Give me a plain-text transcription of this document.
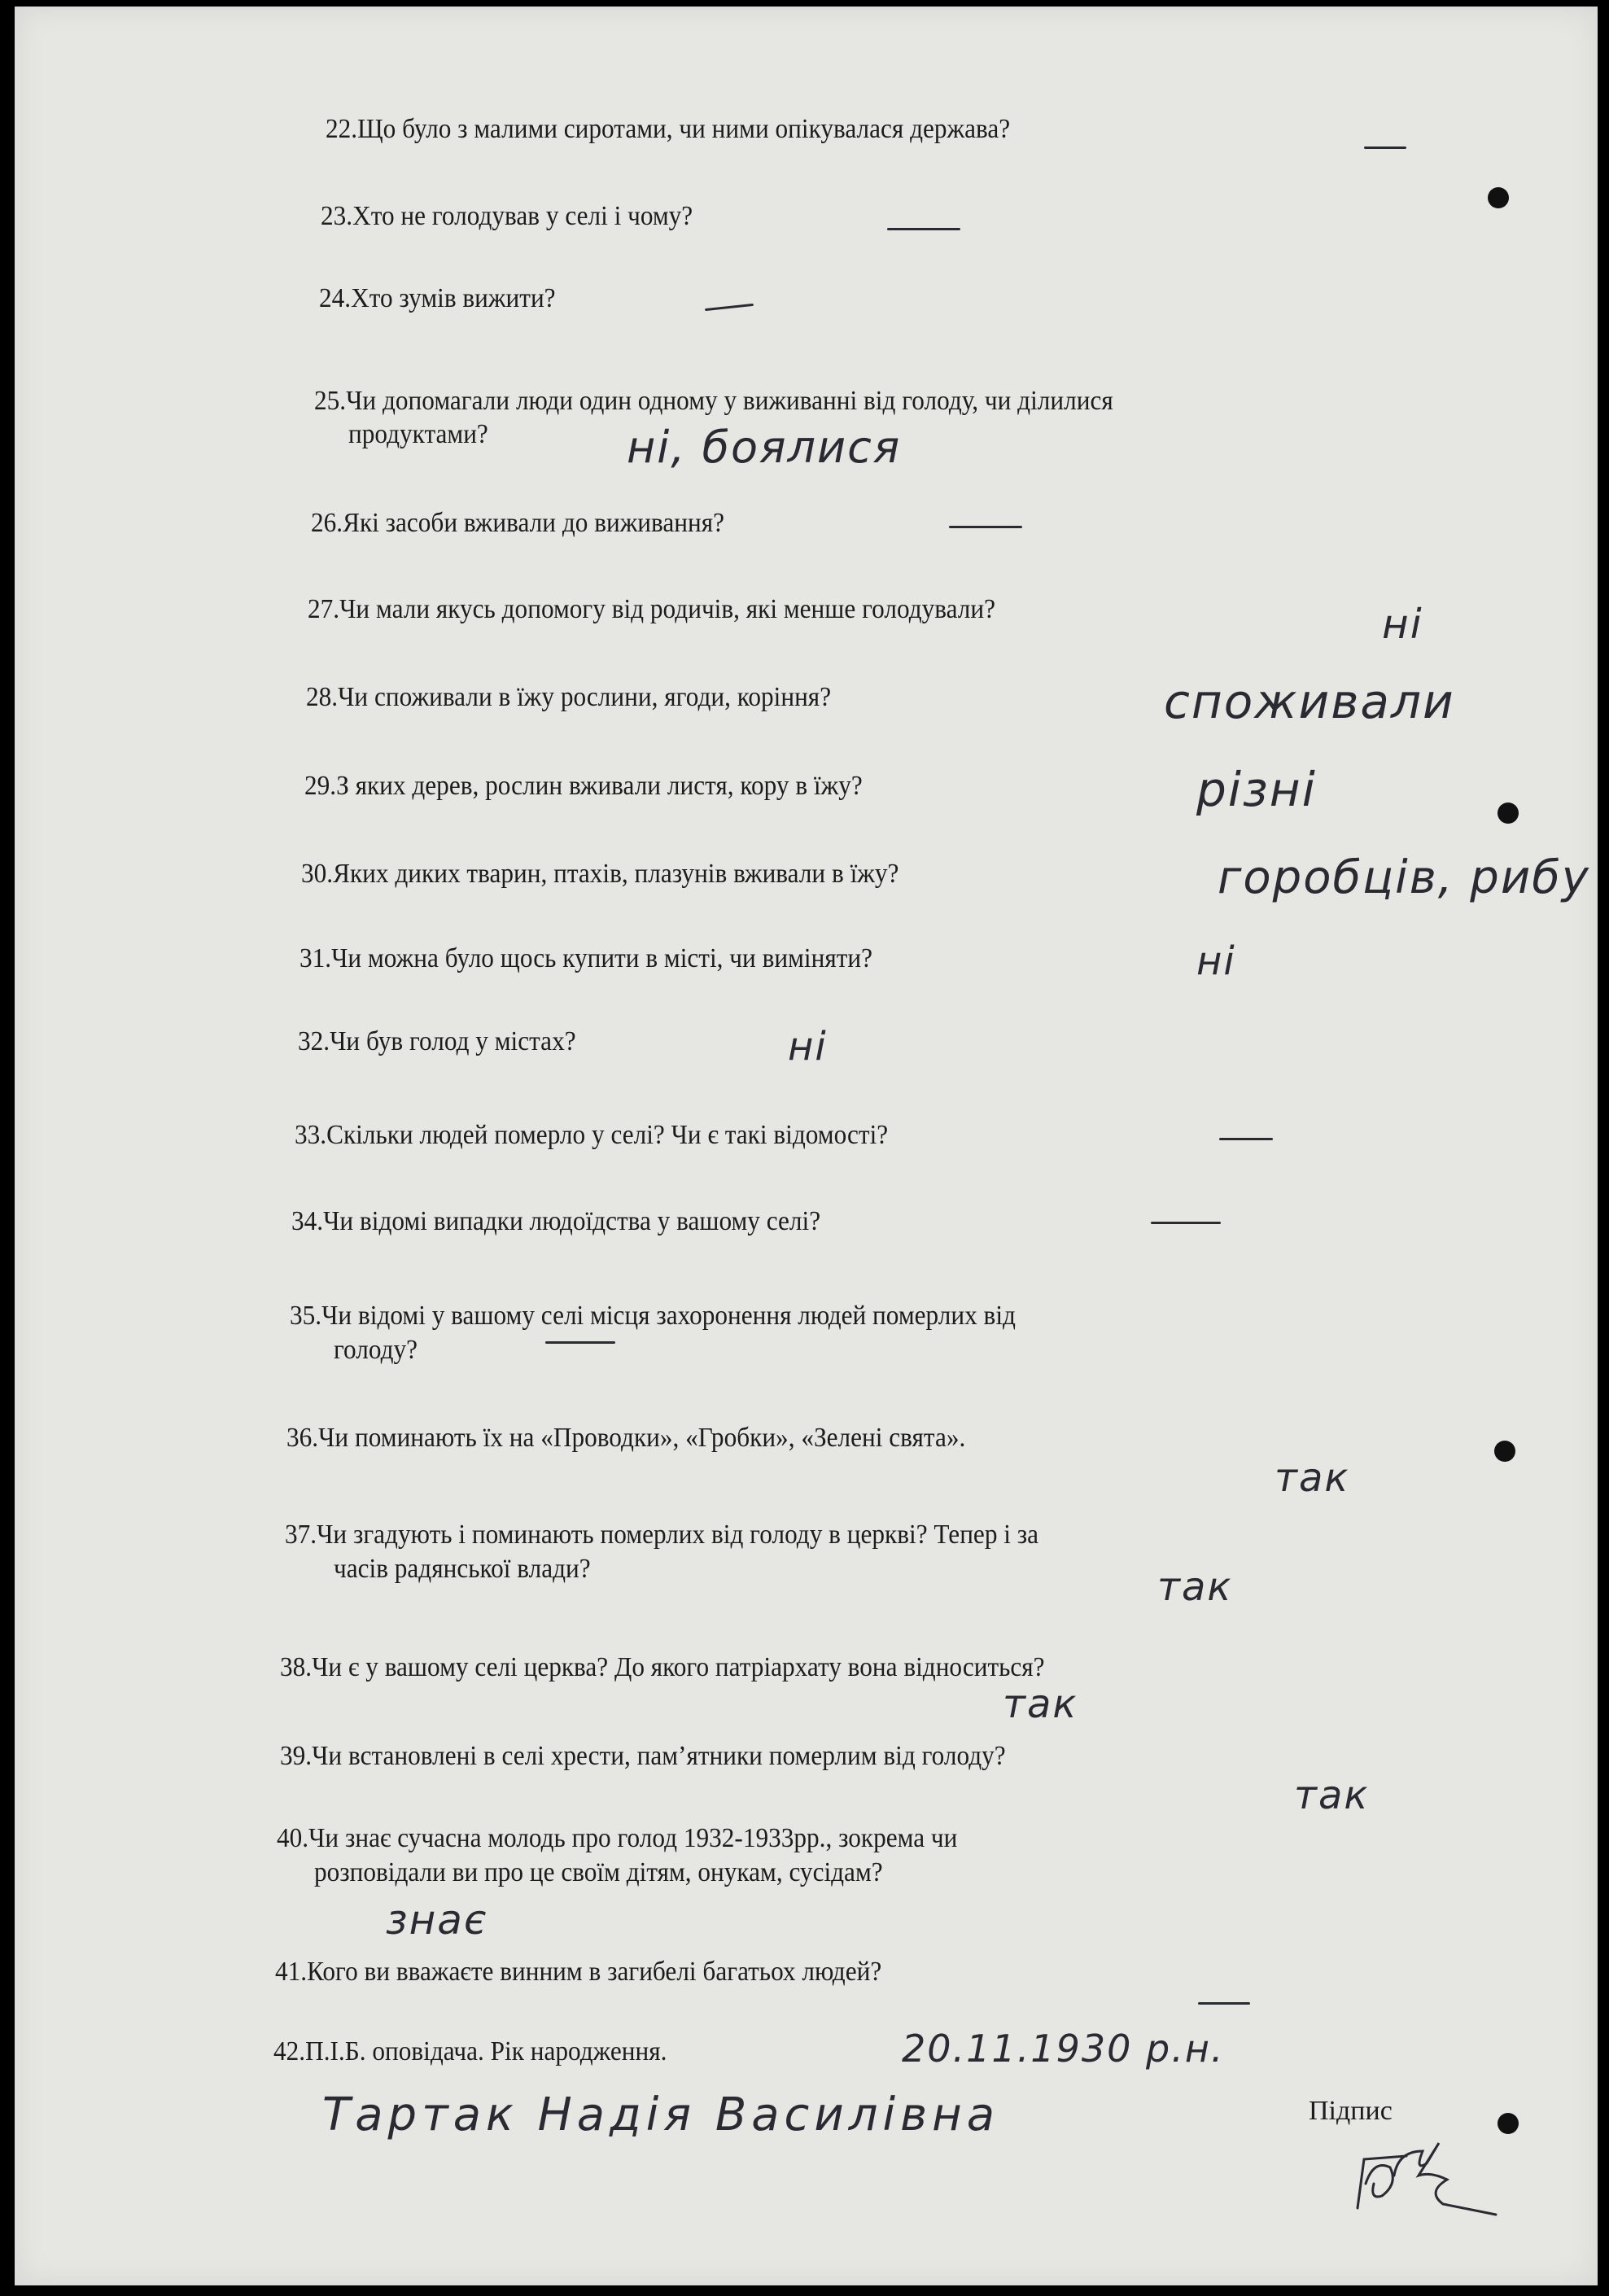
22.Що було з малими сиротами, чи ними опікувалася держава?
23.Хто не голодував у селі і чому?
24.Хто зумів вижити?
25.Чи допомагали люди один одному у виживанні від голоду, чи ділилися
продуктами?
26.Які засоби вживали до виживання?
27.Чи мали якусь допомогу від родичів, які менше голодували?
28.Чи споживали в їжу рослини, ягоди, коріння?
29.З яких дерев, рослин вживали листя, кору в їжу?
30.Яких диких тварин, птахів, плазунів вживали в їжу?
31.Чи можна було щось купити в місті, чи виміняти?
32.Чи був голод у містах?
33.Скільки людей померло у селі? Чи є такі відомості?
34.Чи відомі випадки людоїдства у вашому селі?
35.Чи відомі у вашому селі місця захоронення людей померлих від
голоду?
36.Чи поминають їх на «Проводки», «Гробки», «Зелені свята».
37.Чи згадують і поминають померлих від голоду в церкві? Тепер і за
часів радянської влади?
38.Чи є у вашому селі церква? До якого патріархату вона відноситься?
39.Чи встановлені в селі хрести, пам’ятники померлим від голоду?
40.Чи знає сучасна молодь про голод 1932-1933рр., зокрема чи
розповідали ви про це своїм дітям, онукам, сусідам?
41.Кого ви вважаєте винним в загибелі багатьох людей?
42.П.І.Б. оповідача. Рік народження.
ні, боялися
ні
споживали
різні
горобців, рибу
ні
ні
так
так
так
так
знає
20.11.1930 р.н.
Тартак Надія Василівна	Підпис
